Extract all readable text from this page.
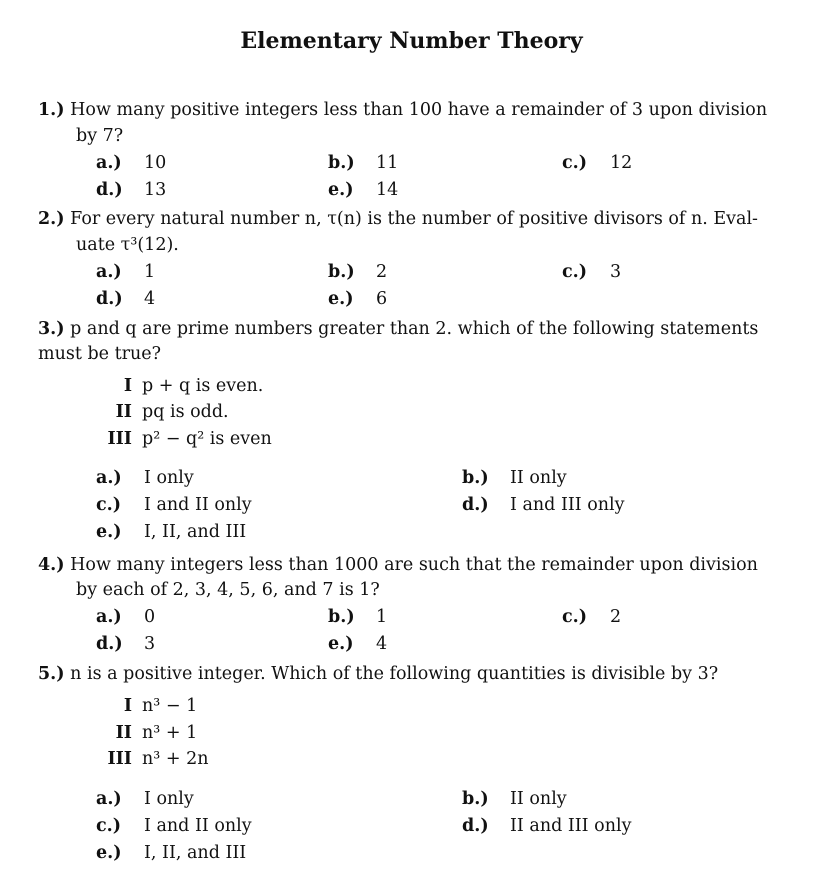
Elementary Number Theory
1.) How many positive integers less than 100 have a remainder of 3 upon division
by 7?
a.) 10	b.) 11	c.) 12
d.) 13	e.) 14
2.) For every natural number n, τ(n) is the number of positive divisors of n. Eval-
uate τ³(12).
a.) 1	b.) 2	c.) 3
d.) 4	e.) 6
3.) p and q are prime numbers greater than 2. which of the following statements
must be true?
I p + q is even.
II pq is odd.
III p² − q² is even
a.) I only	b.) II only
c.) I and II only	d.) I and III only
e.) I, II, and III
4.) How many integers less than 1000 are such that the remainder upon division
by each of 2, 3, 4, 5, 6, and 7 is 1?
a.) 0	b.) 1	c.) 2
d.) 3	e.) 4
5.) n is a positive integer. Which of the following quantities is divisible by 3?
I n³ − 1
II n³ + 1
III n³ + 2n
a.) I only	b.) II only
c.) I and II only	d.) II and III only
e.) I, II, and III
